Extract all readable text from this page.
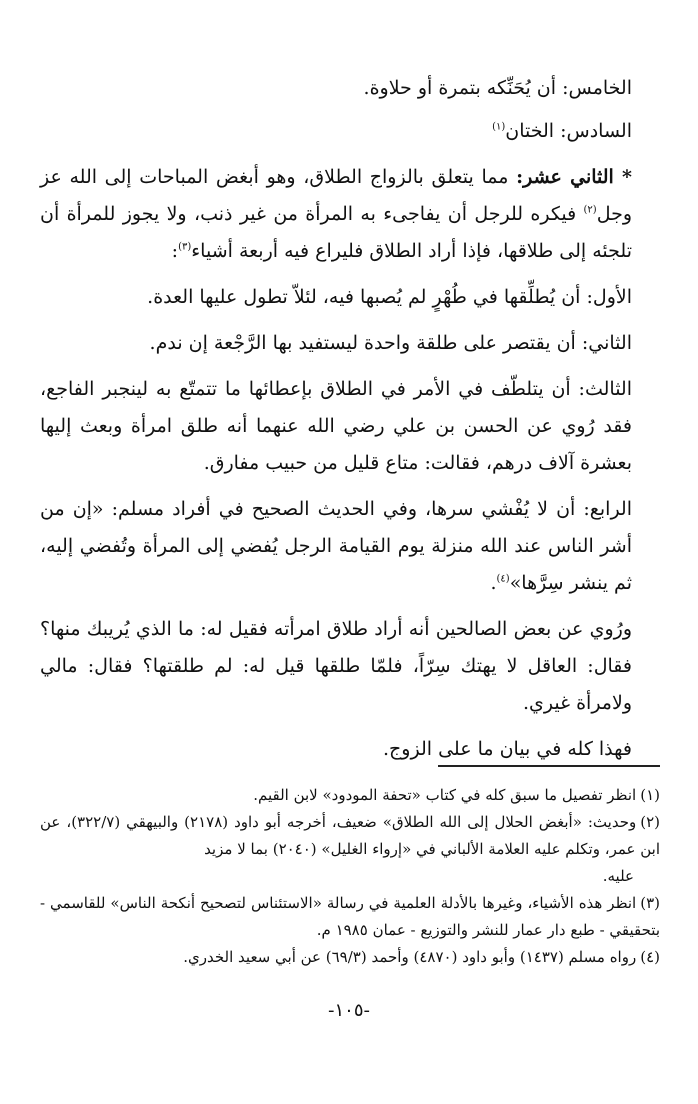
الخامس: أن يُحَنِّكه بتمرة أو حلاوة.

السادس: الختان$^{(١)}$

* الثاني عشر: مما يتعلق بالزواج الطلاق، وهو أبغض المباحات إلى الله عز وجل$^{(٢)}$ فيكره للرجل أن يفاجىء به المرأة من غير ذنب، ولا يجوز للمرأة أن تلجئه إلى طلاقها، فإذا أراد الطلاق فليراع فيه أربعة أشياء$^{(٣)}$:

الأول: أن يُطلِّقها في طُهْرٍ لم يُصبها فيه، لئلاّ تطول عليها العدة.

الثاني: أن يقتصر على طلقة واحدة ليستفيد بها الرَّجْعة إن ندم.

الثالث: أن يتلطّف في الأمر في الطلاق بإعطائها ما تتمتّع به لينجبر الفاجع، فقد رُوي عن الحسن بن علي رضي الله عنهما أنه طلق امرأة وبعث إليها بعشرة آلاف درهم، فقالت: متاع قليل من حبيب مفارق.

الرابع: أن لا يُفْشي سرها، وفي الحديث الصحيح في أفراد مسلم: «إن من أشر الناس عند الله منزلة يوم القيامة الرجل يُفضي إلى المرأة وتُفضي إليه، ثم ينشر سِرَّها»$^{(٤)}$.

ورُوي عن بعض الصالحين أنه أراد طلاق امرأته فقيل له: ما الذي يُريبك منها؟ فقال: العاقل لا يهتك سِرّاً، فلمّا طلقها قيل له: لم طلقتها؟ فقال: مالي ولامرأة غيري.

فهذا كله في بيان ما على الزوج.

(١)انظر تفصيل ما سبق كله في كتاب «تحفة المودود» لابن القيم.

(٢)وحديث: «أبغض الحلال إلى الله الطلاق» ضعيف، أخرجه أبو داود (٢١٧٨) والبيهقي (٣٢٢/٧)، عن ابن عمر، وتكلم عليه العلامة الألباني في «إرواء الغليل» (٢٠٤٠) بما لا مزيد

عليه.

(٣)انظر هذه الأشياء، وغيرها بالأدلة العلمية في رسالة «الاستئناس لتصحيح أنكحة الناس» للقاسمي - بتحقيقي - طبع دار عمار للنشر والتوزيع - عمان ١٩٨٥ م.

(٤)رواه مسلم (١٤٣٧) وأبو داود (٤٨٧٠) وأحمد (٦٩/٣) عن أبي سعيد الخدري.

-١٠٥-
